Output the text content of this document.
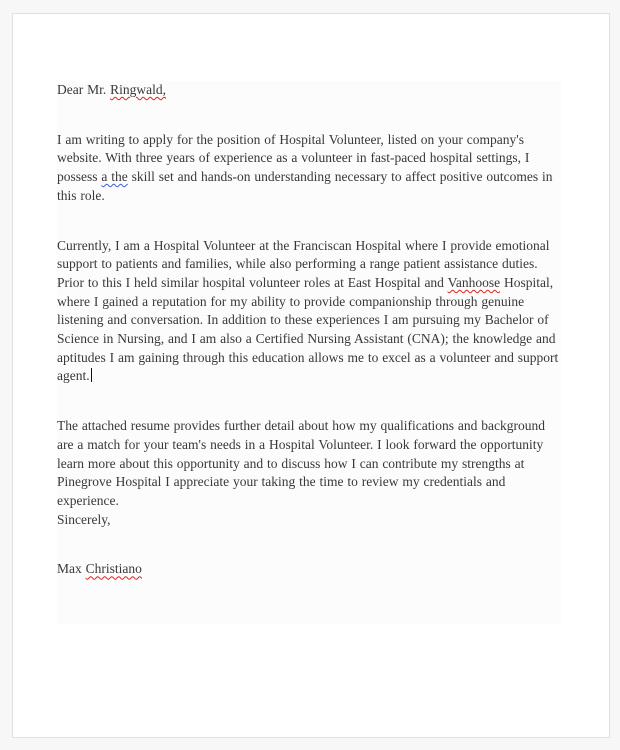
Dear Mr. Ringwald,

I am writing to apply for the position of Hospital Volunteer, listed on your company's website. With three years of experience as a volunteer in fast-paced hospital settings, I possess a the skill set and hands-on understanding necessary to affect positive outcomes in this role.

Currently, I am a Hospital Volunteer at the Franciscan Hospital where I provide emotional support to patients and families, while also performing a range patient assistance duties. Prior to this I held similar hospital volunteer roles at East Hospital and Vanhoose Hospital, where I gained a reputation for my ability to provide companionship through genuine listening and conversation. In addition to these experiences I am pursuing my Bachelor of Science in Nursing, and I am also a Certified Nursing Assistant (CNA); the knowledge and aptitudes I am gaining through this education allows me to excel as a volunteer and support agent.

The attached resume provides further detail about how my qualifications and background are a match for your team's needs in a Hospital Volunteer. I look forward the opportunity learn more about this opportunity and to discuss how I can contribute my strengths at Pinegrove Hospital I appreciate your taking the time to review my credentials and experience.

Sincerely,

Max Christiano
